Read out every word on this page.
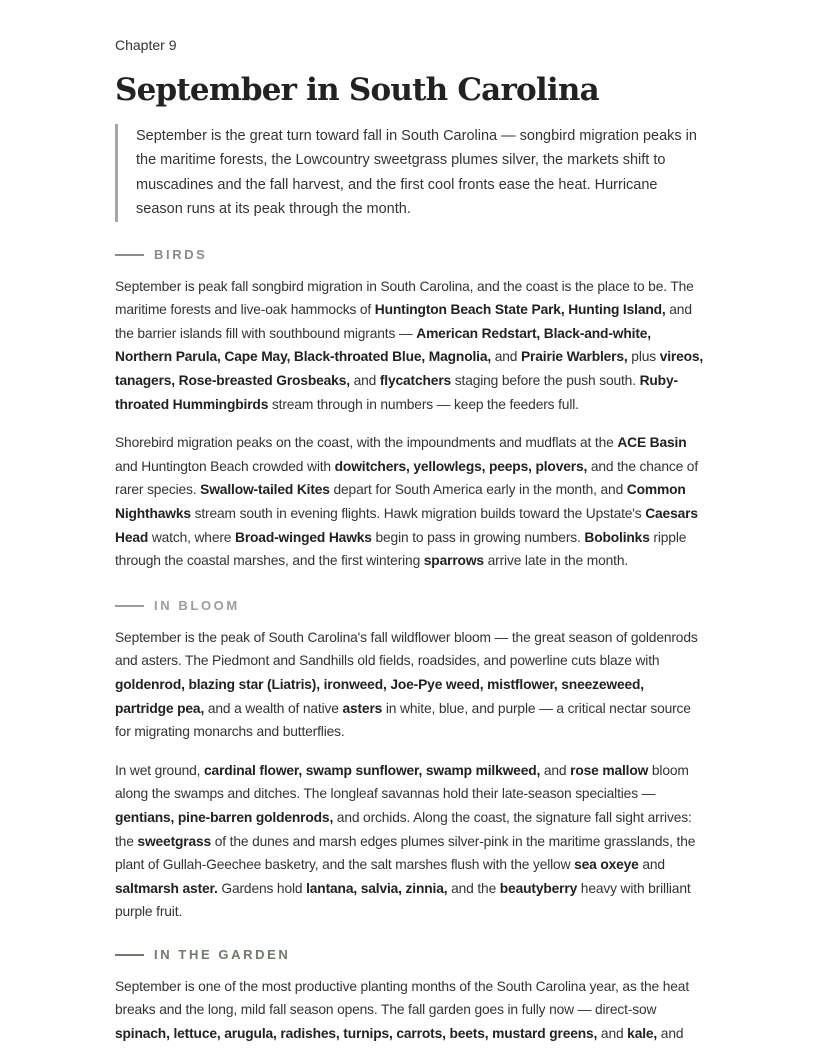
Chapter 9

September in South Carolina
September is the great turn toward fall in South Carolina — songbird migration peaks in the maritime forests, the Lowcountry sweetgrass plumes silver, the markets shift to muscadines and the fall harvest, and the first cool fronts ease the heat. Hurricane season runs at its peak through the month.
BIRDS

September is peak fall songbird migration in South Carolina, and the coast is the place to be. The maritime forests and live-oak hammocks of Huntington Beach State Park, Hunting Island, and the barrier islands fill with southbound migrants — American Redstart, Black-and-white, Northern Parula, Cape May, Black-throated Blue, Magnolia, and Prairie Warblers, plus vireos, tanagers, Rose-breasted Grosbeaks, and flycatchers staging before the push south. Ruby-throated Hummingbirds stream through in numbers — keep the feeders full.

Shorebird migration peaks on the coast, with the impoundments and mudflats at the ACE Basin and Huntington Beach crowded with dowitchers, yellowlegs, peeps, plovers, and the chance of rarer species. Swallow-tailed Kites depart for South America early in the month, and Common Nighthawks stream south in evening flights. Hawk migration builds toward the Upstate's Caesars Head watch, where Broad-winged Hawks begin to pass in growing numbers. Bobolinks ripple through the coastal marshes, and the first wintering sparrows arrive late in the month.

IN BLOOM

September is the peak of South Carolina's fall wildflower bloom — the great season of goldenrods and asters. The Piedmont and Sandhills old fields, roadsides, and powerline cuts blaze with goldenrod, blazing star (Liatris), ironweed, Joe-Pye weed, mistflower, sneezeweed, partridge pea, and a wealth of native asters in white, blue, and purple — a critical nectar source for migrating monarchs and butterflies.

In wet ground, cardinal flower, swamp sunflower, swamp milkweed, and rose mallow bloom along the swamps and ditches. The longleaf savannas hold their late-season specialties — gentians, pine-barren goldenrods, and orchids. Along the coast, the signature fall sight arrives: the sweetgrass of the dunes and marsh edges plumes silver-pink in the maritime grasslands, the plant of Gullah-Geechee basketry, and the salt marshes flush with the yellow sea oxeye and saltmarsh aster. Gardens hold lantana, salvia, zinnia, and the beautyberry heavy with brilliant purple fruit.

IN THE GARDEN

September is one of the most productive planting months of the South Carolina year, as the heat breaks and the long, mild fall season opens. The fall garden goes in fully now — direct-sow spinach, lettuce, arugula, radishes, turnips, carrots, beets, mustard greens, and kale, and
